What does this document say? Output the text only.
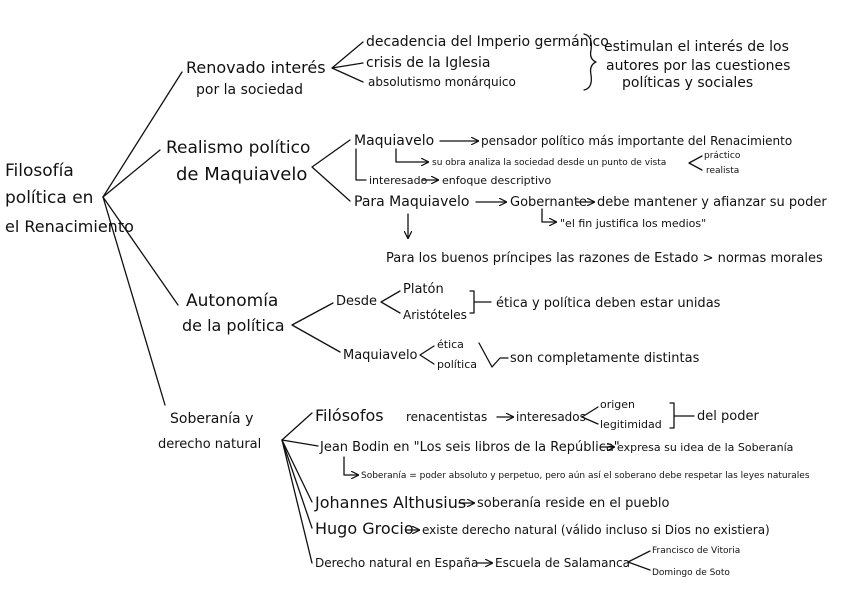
Filosofía
política en
el Renacimiento
Renovado interés
por la sociedad
decadencia del Imperio germánico
crisis de la Iglesia
absolutismo monárquico
estimulan el interés de los
autores por las cuestiones
políticas y sociales
Realismo político
de Maquiavelo
Maquiavelo	pensador político más importante del Renacimiento
su obra analiza la sociedad desde un punto de vista
práctico
realista
interesado enfoque descriptivo
Para Maquiavelo	Gobernante debe mantener y afianzar su poder
"el fin justifica los medios"
Para los buenos príncipes las razones de Estado > normas morales
Autonomía
de la política
Desde
Platón
Aristóteles
ética y política deben estar unidas
Maquiavelo
ética
política	son completamente distintas
Soberanía y
derecho natural
Filósofos renacentistas interesados
origen
legitimidad
del poder
Jean Bodin en "Los seis libros de la República"
expresa su idea de la Soberanía
Soberanía = poder absoluto y perpetuo, pero aún así el soberano debe respetar las leyes naturales
Johannes Althusius soberanía reside en el pueblo
Hugo Grocio existe derecho natural (válido incluso si Dios no existiera)
Derecho natural en España Escuela de Salamanca
Francisco de Vitoria
Domingo de Soto
